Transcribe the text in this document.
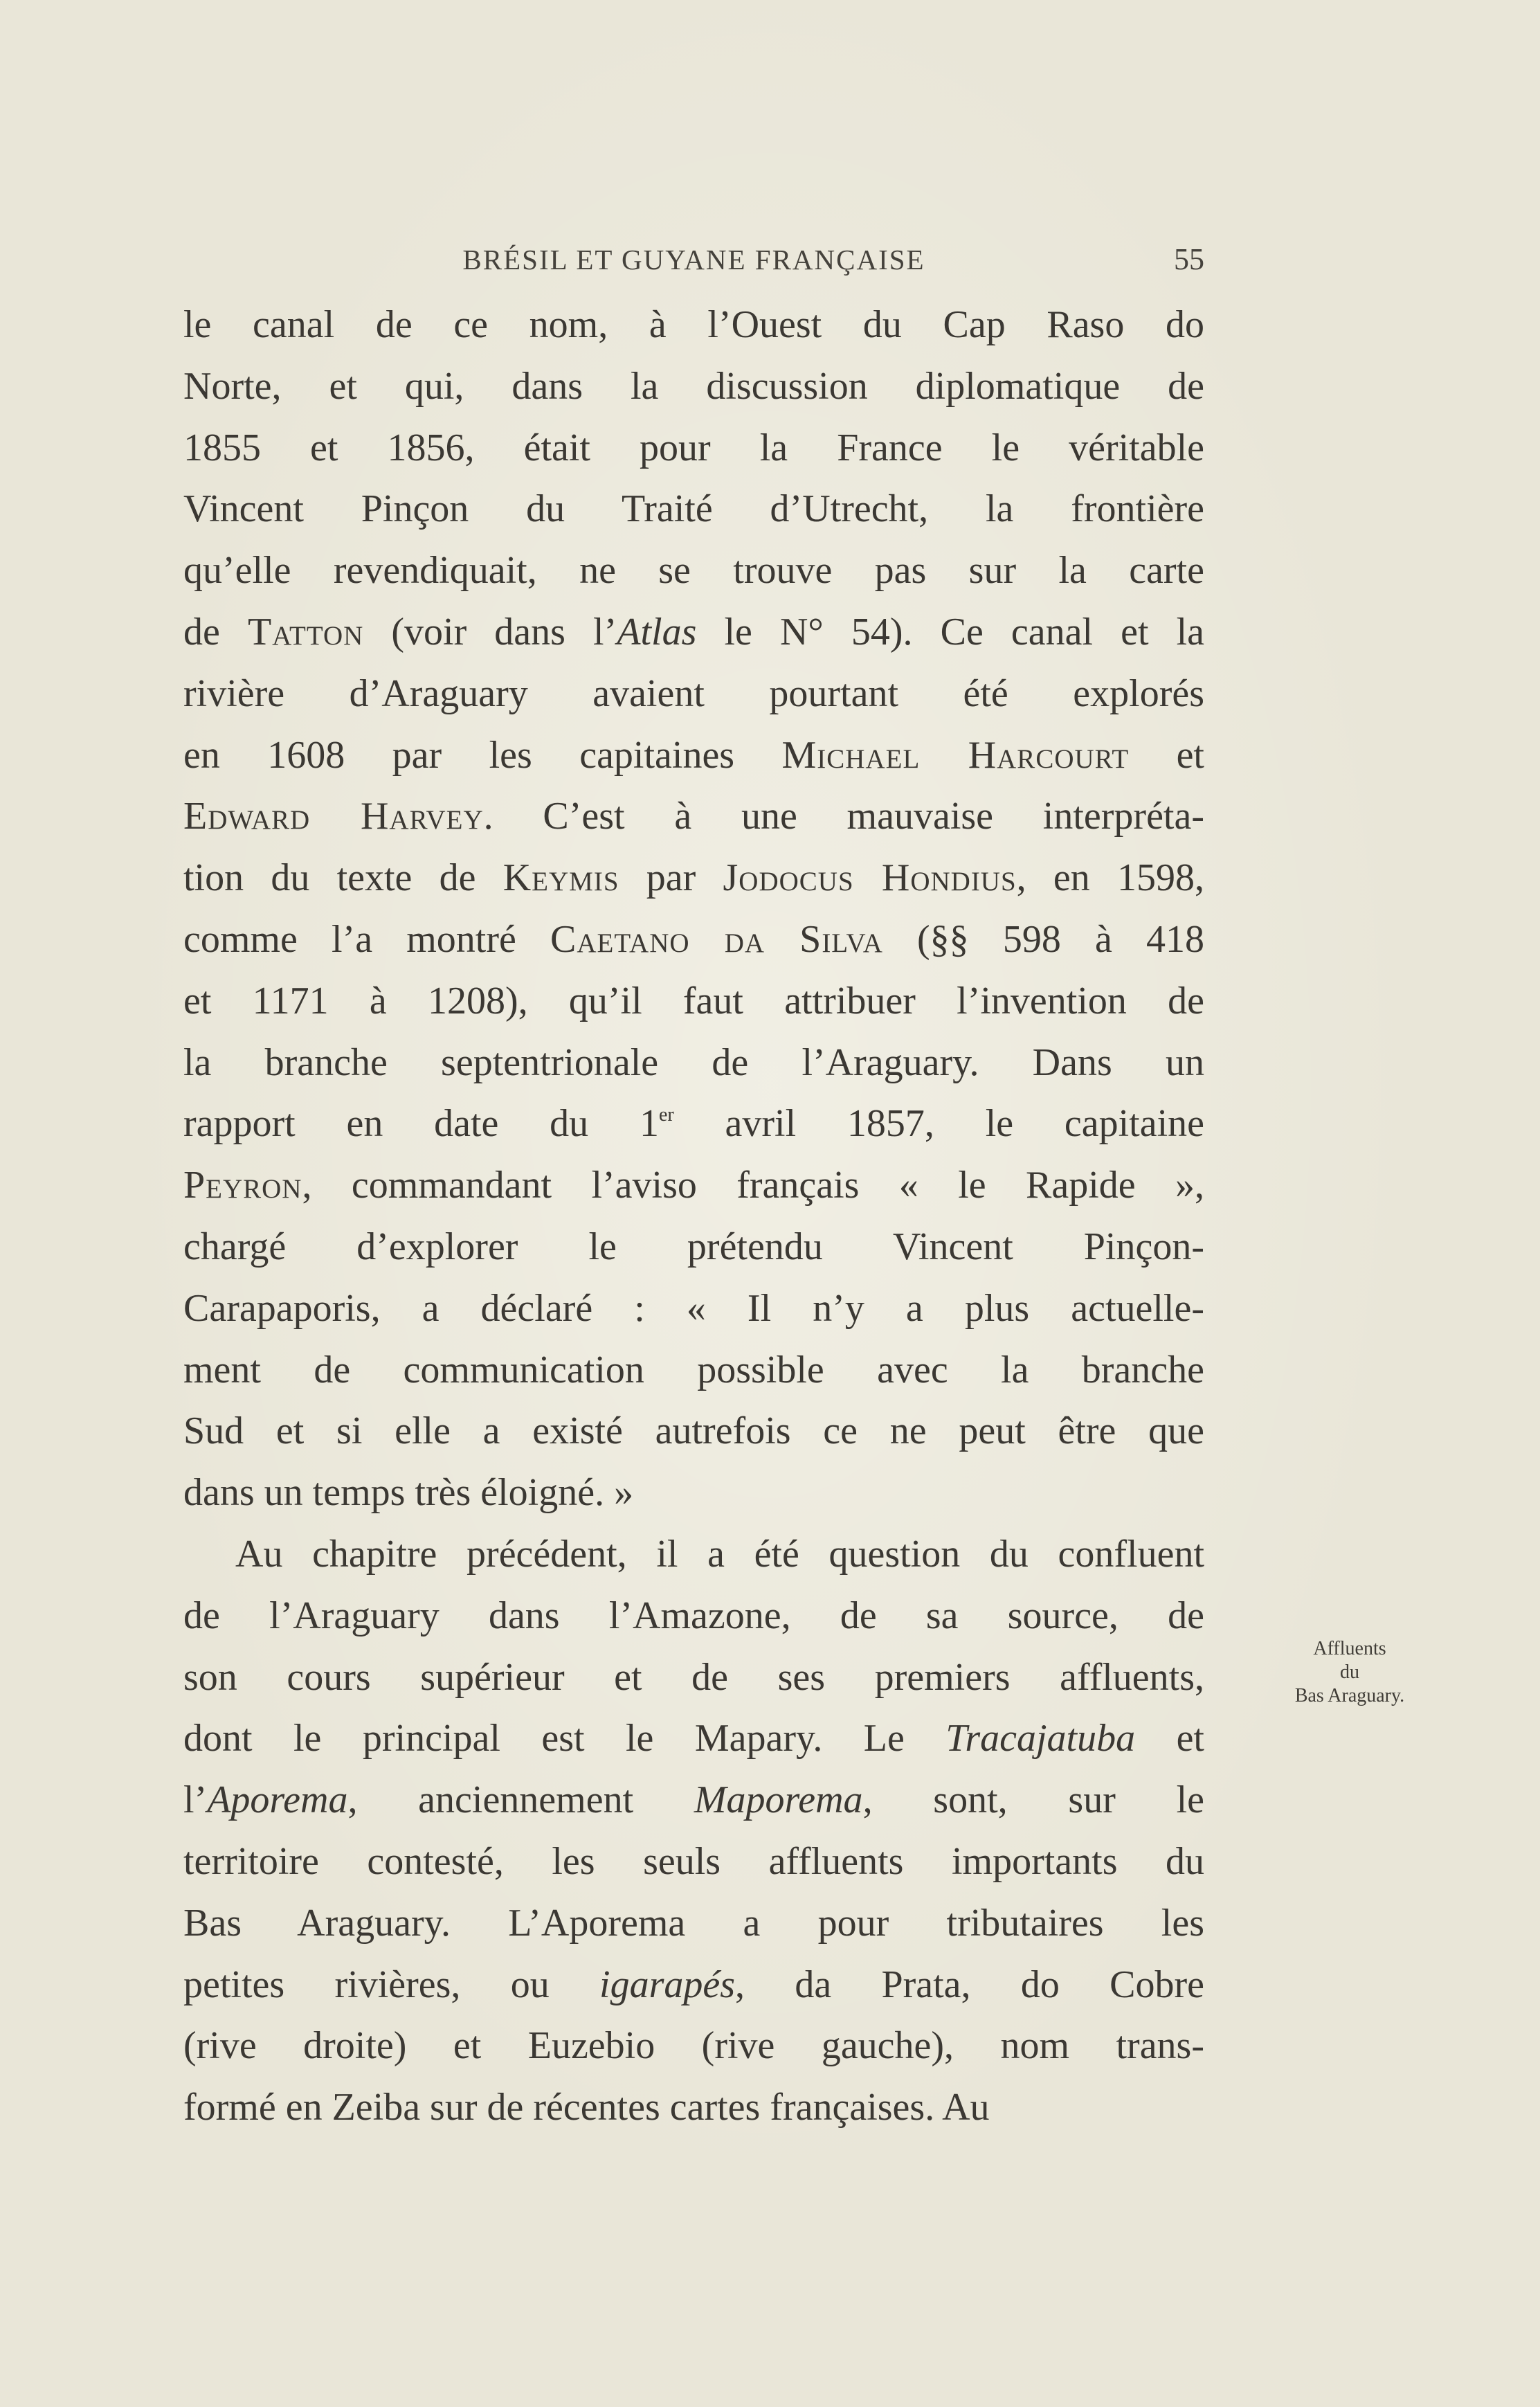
BRÉSIL ET GUYANE FRANÇAISE	55
le canal de ce nom, à l’Ouest du Cap Raso do
Norte, et qui, dans la discussion diplomatique de
1855 et 1856, était pour la France le véritable
Vincent Pinçon du Traité d’Utrecht, la frontière
qu’elle revendiquait, ne se trouve pas sur la carte
de Tatton (voir dans l’Atlas le N° 54). Ce canal et la
rivière d’Araguary avaient pourtant été explorés
en 1608 par les capitaines Michael Harcourt et
Edward Harvey. C’est à une mauvaise interpréta-
tion du texte de Keymis par Jodocus Hondius, en 1598,
comme l’a montré Caetano da Silva (§§ 598 à 418
et 1171 à 1208), qu’il faut attribuer l’invention de
la branche septentrionale de l’Araguary. Dans un
rapport en date du 1er avril 1857, le capitaine
Peyron, commandant l’aviso français « le Rapide »,
chargé d’explorer le prétendu Vincent Pinçon-
Carapaporis, a déclaré : « Il n’y a plus actuelle-
ment de communication possible avec la branche
Sud et si elle a existé autrefois ce ne peut être que
dans un temps très éloigné. »
Au chapitre précédent, il a été question du confluent
de l’Araguary dans l’Amazone, de sa source, de
son cours supérieur et de ses premiers affluents,
dont le principal est le Mapary. Le Tracajatuba et
l’Aporema, anciennement Maporema, sont, sur le
territoire contesté, les seuls affluents importants du
Bas Araguary. L’Aporema a pour tributaires les
petites rivières, ou igarapés, da Prata, do Cobre
(rive droite) et Euzebio (rive gauche), nom trans-
formé en Zeiba sur de récentes cartes françaises. Au
Affluents
du
Bas Araguary.
